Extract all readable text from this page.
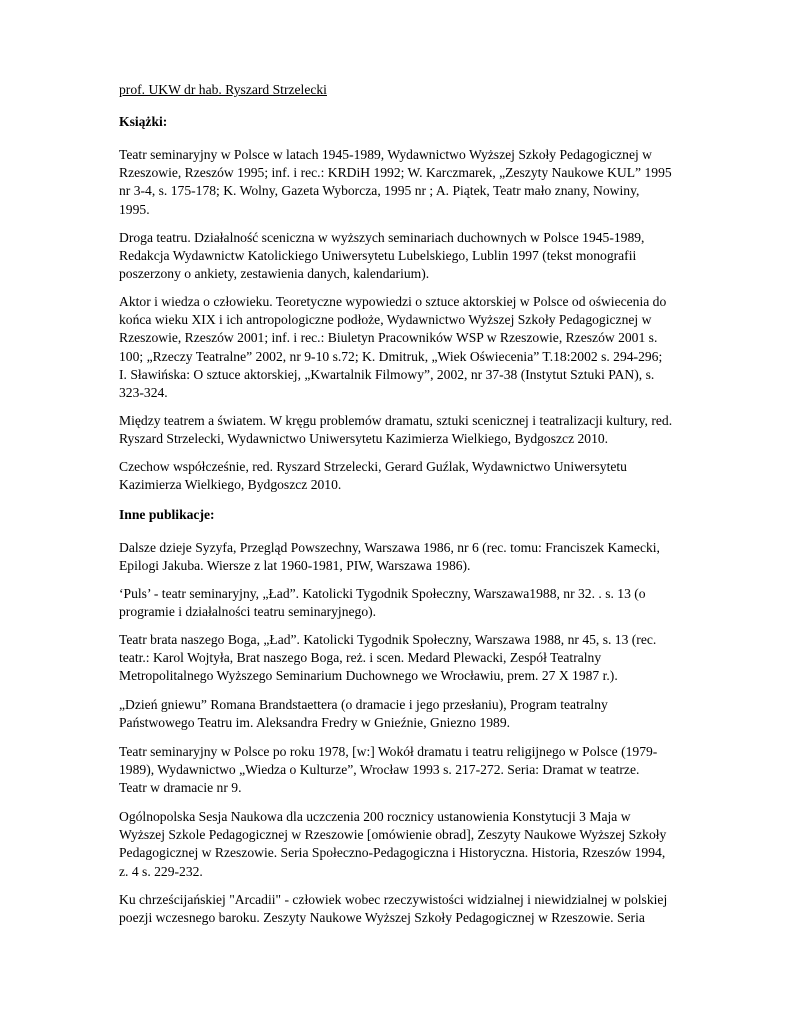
prof. UKW dr hab. Ryszard Strzelecki

Książki:

Teatr seminaryjny w Polsce w latach 1945-1989, Wydawnictwo Wyższej Szkoły Pedagogicznej w
Rzeszowie, Rzeszów 1995; inf. i rec.: KRDiH 1992; W. Karczmarek, „Zeszyty Naukowe KUL” 1995
nr 3-4, s. 175-178; K. Wolny, Gazeta Wyborcza, 1995 nr ; A. Piątek, Teatr mało znany, Nowiny,
1995.

Droga teatru. Działalność sceniczna w wyższych seminariach duchownych w Polsce 1945-1989,
Redakcja Wydawnictw Katolickiego Uniwersytetu Lubelskiego, Lublin 1997 (tekst monografii
poszerzony o ankiety, zestawienia danych, kalendarium).

Aktor i wiedza o człowieku. Teoretyczne wypowiedzi o sztuce aktorskiej w Polsce od oświecenia do
końca wieku XIX i ich antropologiczne podłoże, Wydawnictwo Wyższej Szkoły Pedagogicznej w
Rzeszowie, Rzeszów 2001; inf. i rec.: Biuletyn Pracowników WSP w Rzeszowie, Rzeszów 2001 s.
100; „Rzeczy Teatralne” 2002, nr 9-10 s.72; K. Dmitruk, „Wiek Oświecenia” T.18:2002 s. 294-296;
I. Sławińska: O sztuce aktorskiej, „Kwartalnik Filmowy”, 2002, nr 37-38 (Instytut Sztuki PAN), s.
323-324.

Między teatrem a światem. W kręgu problemów dramatu, sztuki scenicznej i teatralizacji kultury, red.
Ryszard Strzelecki, Wydawnictwo Uniwersytetu Kazimierza Wielkiego, Bydgoszcz 2010.

Czechow współcześnie, red. Ryszard Strzelecki, Gerard Guźlak, Wydawnictwo Uniwersytetu
Kazimierza Wielkiego, Bydgoszcz 2010.

Inne publikacje:

Dalsze dzieje Syzyfa, Przegląd Powszechny, Warszawa 1986, nr 6 (rec. tomu: Franciszek Kamecki,
Epilogi Jakuba. Wiersze z lat 1960-1981, PIW, Warszawa 1986).

‘Puls’ - teatr seminaryjny, „Ład”. Katolicki Tygodnik Społeczny, Warszawa1988, nr 32. . s. 13 (o
programie i działalności teatru seminaryjnego).

Teatr brata naszego Boga, „Ład”. Katolicki Tygodnik Społeczny, Warszawa 1988, nr 45, s. 13 (rec.
teatr.: Karol Wojtyła, Brat naszego Boga, reż. i scen. Medard Plewacki, Zespół Teatralny
Metropolitalnego Wyższego Seminarium Duchownego we Wrocławiu, prem. 27 X 1987 r.).

„Dzień gniewu” Romana Brandstaettera (o dramacie i jego przesłaniu), Program teatralny
Państwowego Teatru im. Aleksandra Fredry w Gnieźnie, Gniezno 1989.

Teatr seminaryjny w Polsce po roku 1978, [w:] Wokół dramatu i teatru religijnego w Polsce (1979-
1989), Wydawnictwo „Wiedza o Kulturze”, Wrocław 1993 s. 217-272. Seria: Dramat w teatrze.
Teatr w dramacie nr 9.

Ogólnopolska Sesja Naukowa dla uczczenia 200 rocznicy ustanowienia Konstytucji 3 Maja w
Wyższej Szkole Pedagogicznej w Rzeszowie [omówienie obrad], Zeszyty Naukowe Wyższej Szkoły
Pedagogicznej w Rzeszowie. Seria Społeczno-Pedagogiczna i Historyczna. Historia, Rzeszów 1994,
z. 4 s. 229-232.

Ku chrześcijańskiej "Arcadii" - człowiek wobec rzeczywistości widzialnej i niewidzialnej w polskiej
poezji wczesnego baroku. Zeszyty Naukowe Wyższej Szkoły Pedagogicznej w Rzeszowie. Seria
